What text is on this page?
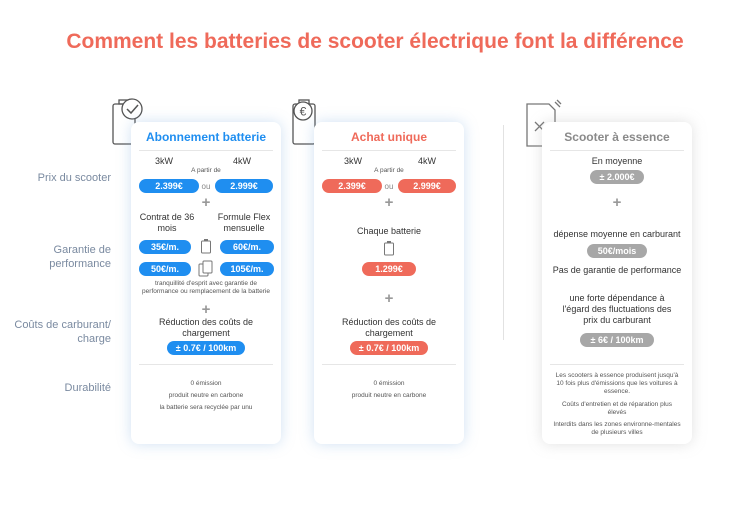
Comment les batteries de scooter électrique font la différence
Prix du scooter
Garantie de performance
Coûts de carburant/ charge
Durabilité
€
Abonnement batterie
3kW	4kW
A partir de
2.399€	ou	2.999€
+
Contrat de 36 mois
Formule Flex mensuelle
35€/m.	60€/m.
50€/m.	105€/m.
tranquillité d'esprit avec garantie de performance ou remplacement de la batterie
+
Réduction des coûts de chargement
± 0.7€ / 100km
0 émission
produit neutre en carbone
la batterie sera recyclée par unu
Achat unique
3kW	4kW
A partir de
2.399€	ou	2.999€
+
Chaque batterie
1.299€
+
Réduction des coûts de chargement
± 0.7€ / 100km
0 émission
produit neutre en carbone
Scooter à essence
En moyenne
± 2.000€
+
dépense moyenne en carburant
50€/mois
Pas de garantie de performance
une forte dépendance à l'égard des fluctuations des prix du carburant
± 6€ / 100km
Les scooters à essence produisent jusqu'à 10 fois plus d'émissions que les voitures à essence.
Coûts d'entretien et de réparation plus élevés
Interdits dans les zones environne-mentales de plusieurs villes
